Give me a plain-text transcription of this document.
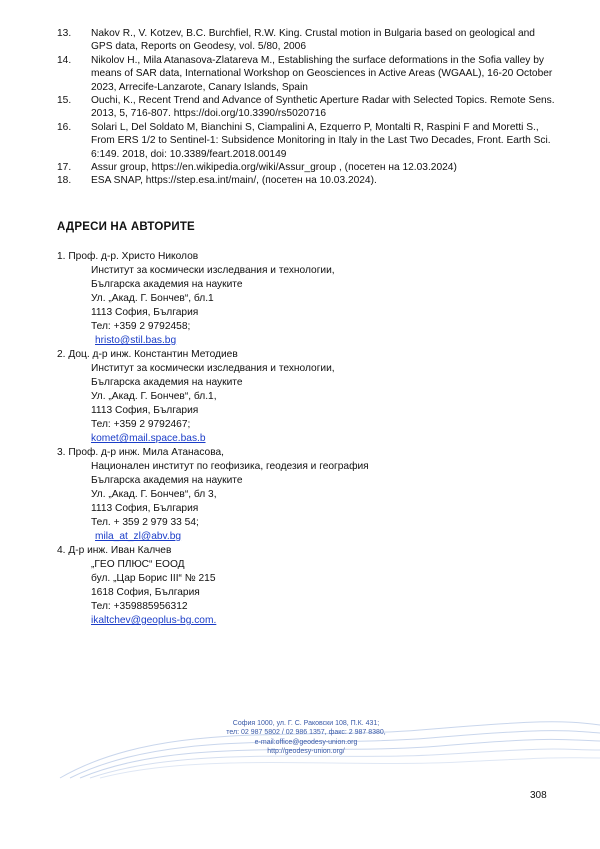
13.	Nakov R., V. Kotzev, B.C. Burchfiel, R.W. King. Crustal motion in Bulgaria based on geological and GPS data, Reports on Geodesy, vol. 5/80, 2006
14.	Nikolov H., Mila Atanasova-Zlatareva M., Establishing the surface deformations in the Sofia valley by means of SAR data, International Workshop on Geosciences in Active Areas (WGAAL), 16-20 October 2023, Arrecife-Lanzarote, Canary Islands, Spain
15.	Ouchi, K., Recent Trend and Advance of Synthetic Aperture Radar with Selected Topics. Remote Sens. 2013, 5, 716-807. https://doi.org/10.3390/rs5020716
16.	Solari L, Del Soldato M, Bianchini S, Ciampalini A, Ezquerro P, Montalti R, Raspini F and Moretti S., From ERS 1/2 to Sentinel-1: Subsidence Monitoring in Italy in the Last Two Decades, Front. Earth Sci. 6:149. 2018, doi: 10.3389/feart.2018.00149
17.	Assur group, https://en.wikipedia.org/wiki/Assur_group , (посетен на 12.03.2024)
18.	ESA SNAP, https://step.esa.int/main/, (посетен на 10.03.2024).
АДРЕСИ НА АВТОРИТЕ
1. Проф. д-р. Христо Николов
Институт за космически изследвания и технологии,
Българска академия на науките
Ул. „Акад. Г. Бончев“, бл.1
1113 София, България
Тел: +359 2 9792458;
hristo@stil.bas.bg
2. Доц. д-р инж. Константин Методиев
Институт за космически изследвания и технологии,
Българска академия на науките
Ул. „Акад. Г. Бончев“, бл.1,
1113 София, България
Тел: +359 2 9792467;
komet@mail.space.bas.b
3. Проф. д-р инж. Мила Атанасова,
Национален институт по геофизика, геодезия и география
Българска академия на науките
Ул. „Акад. Г. Бончев“, бл 3,
1113 София, България
Тел. + 359 2 979 33 54;
mila_at_zl@abv.bg
4. Д-р инж. Иван Калчев
„ГЕО ПЛЮС“ ЕООД
бул. „Цар Борис III“ № 215
1618 София, България
Тел: +359885956312
ikaltchev@geoplus-bg.com.
София 1000, ул. Г. С. Раковски 108, П.К. 431;
тел: 02 987 5802 / 02 986 1357, факс: 2 987 8380,
e-mail:office@geodesy-union.org
http://geodesy-union.org/
308
